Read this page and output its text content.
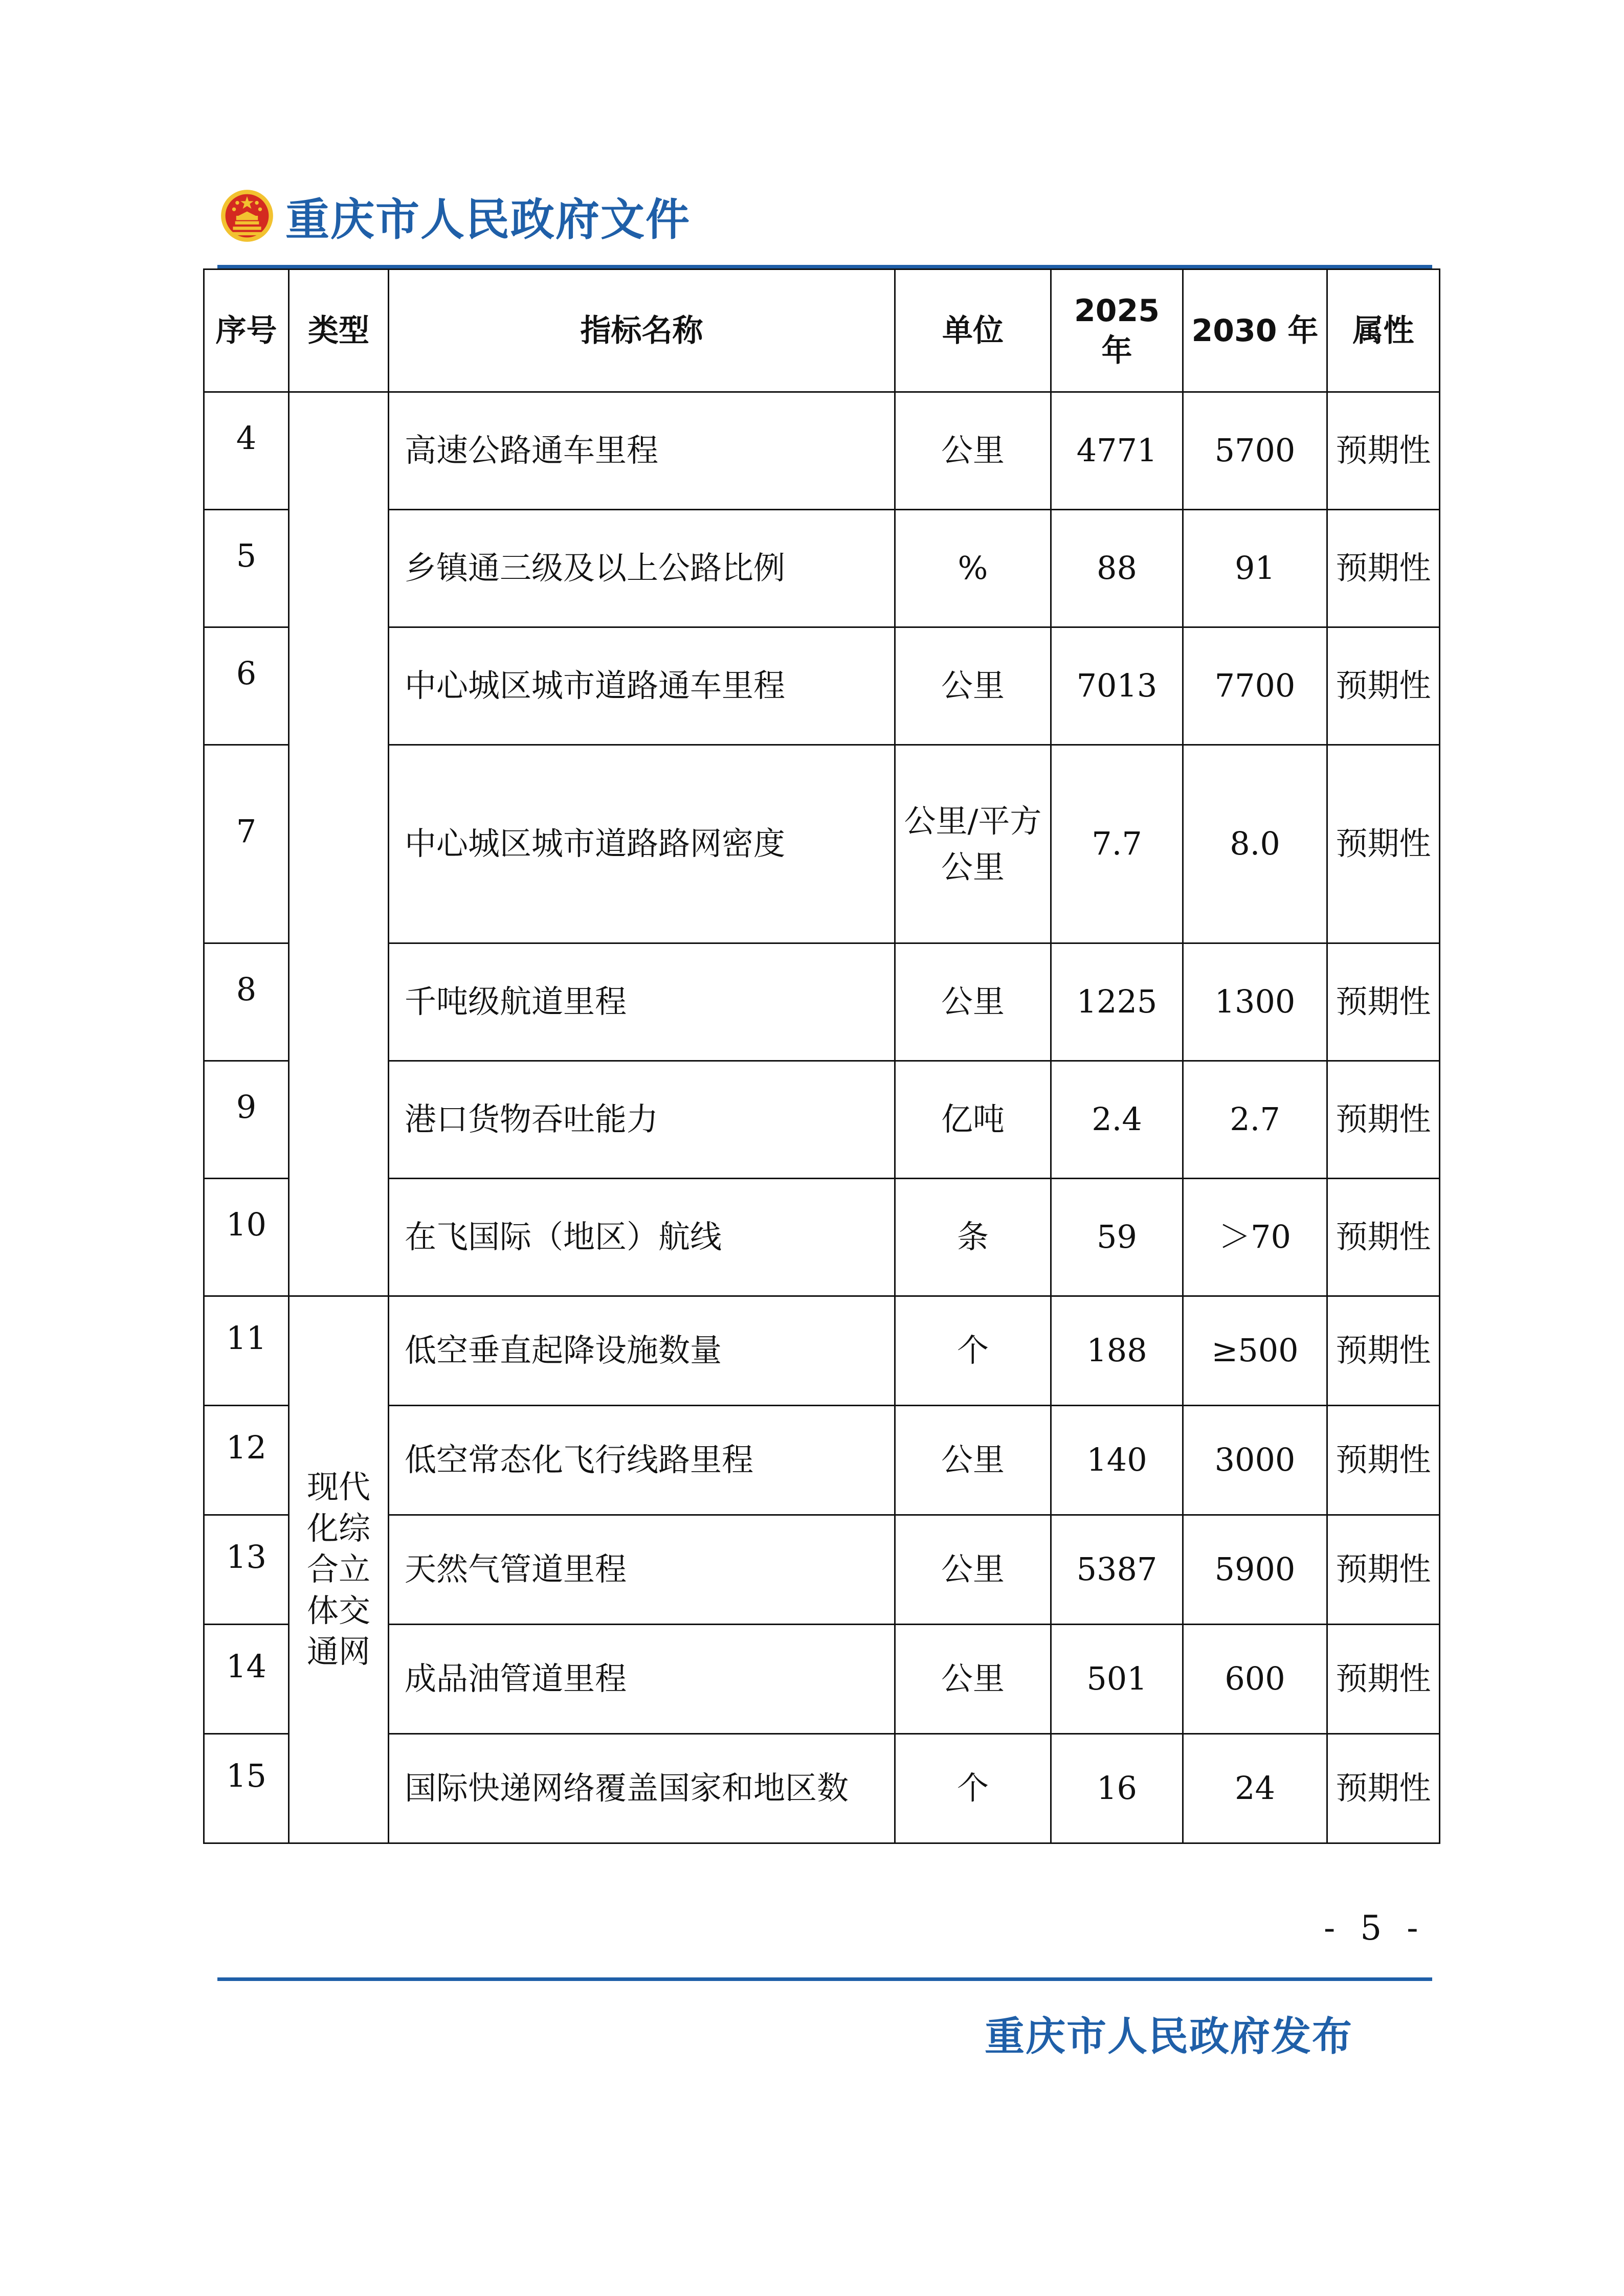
重庆市人民政府文件
序号	类型	指标名称	单位	2025 年	2030 年	属性
4		高速公路通车里程	公里	4771	5700	预期性
5		乡镇通三级及以上公路比例	%	88	91	预期性
6		中心城区城市道路通车里程	公里	7013	7700	预期性
7		中心城区城市道路路网密度	公里/平方公里	7.7	8.0	预期性
8		千吨级航道里程	公里	1225	1300	预期性
9		港口货物吞吐能力	亿吨	2.4	2.7	预期性
10		在飞国际（地区）航线	条	59	＞70	预期性
11	现代化综合立体交通网	低空垂直起降设施数量	个	188	≥500	预期性
12		低空常态化飞行线路里程	公里	140	3000	预期性
13		天然气管道里程	公里	5387	5900	预期性
14		成品油管道里程	公里	501	600	预期性
15		国际快递网络覆盖国家和地区数	个	16	24	预期性
- 5 -
重庆市人民政府发布
